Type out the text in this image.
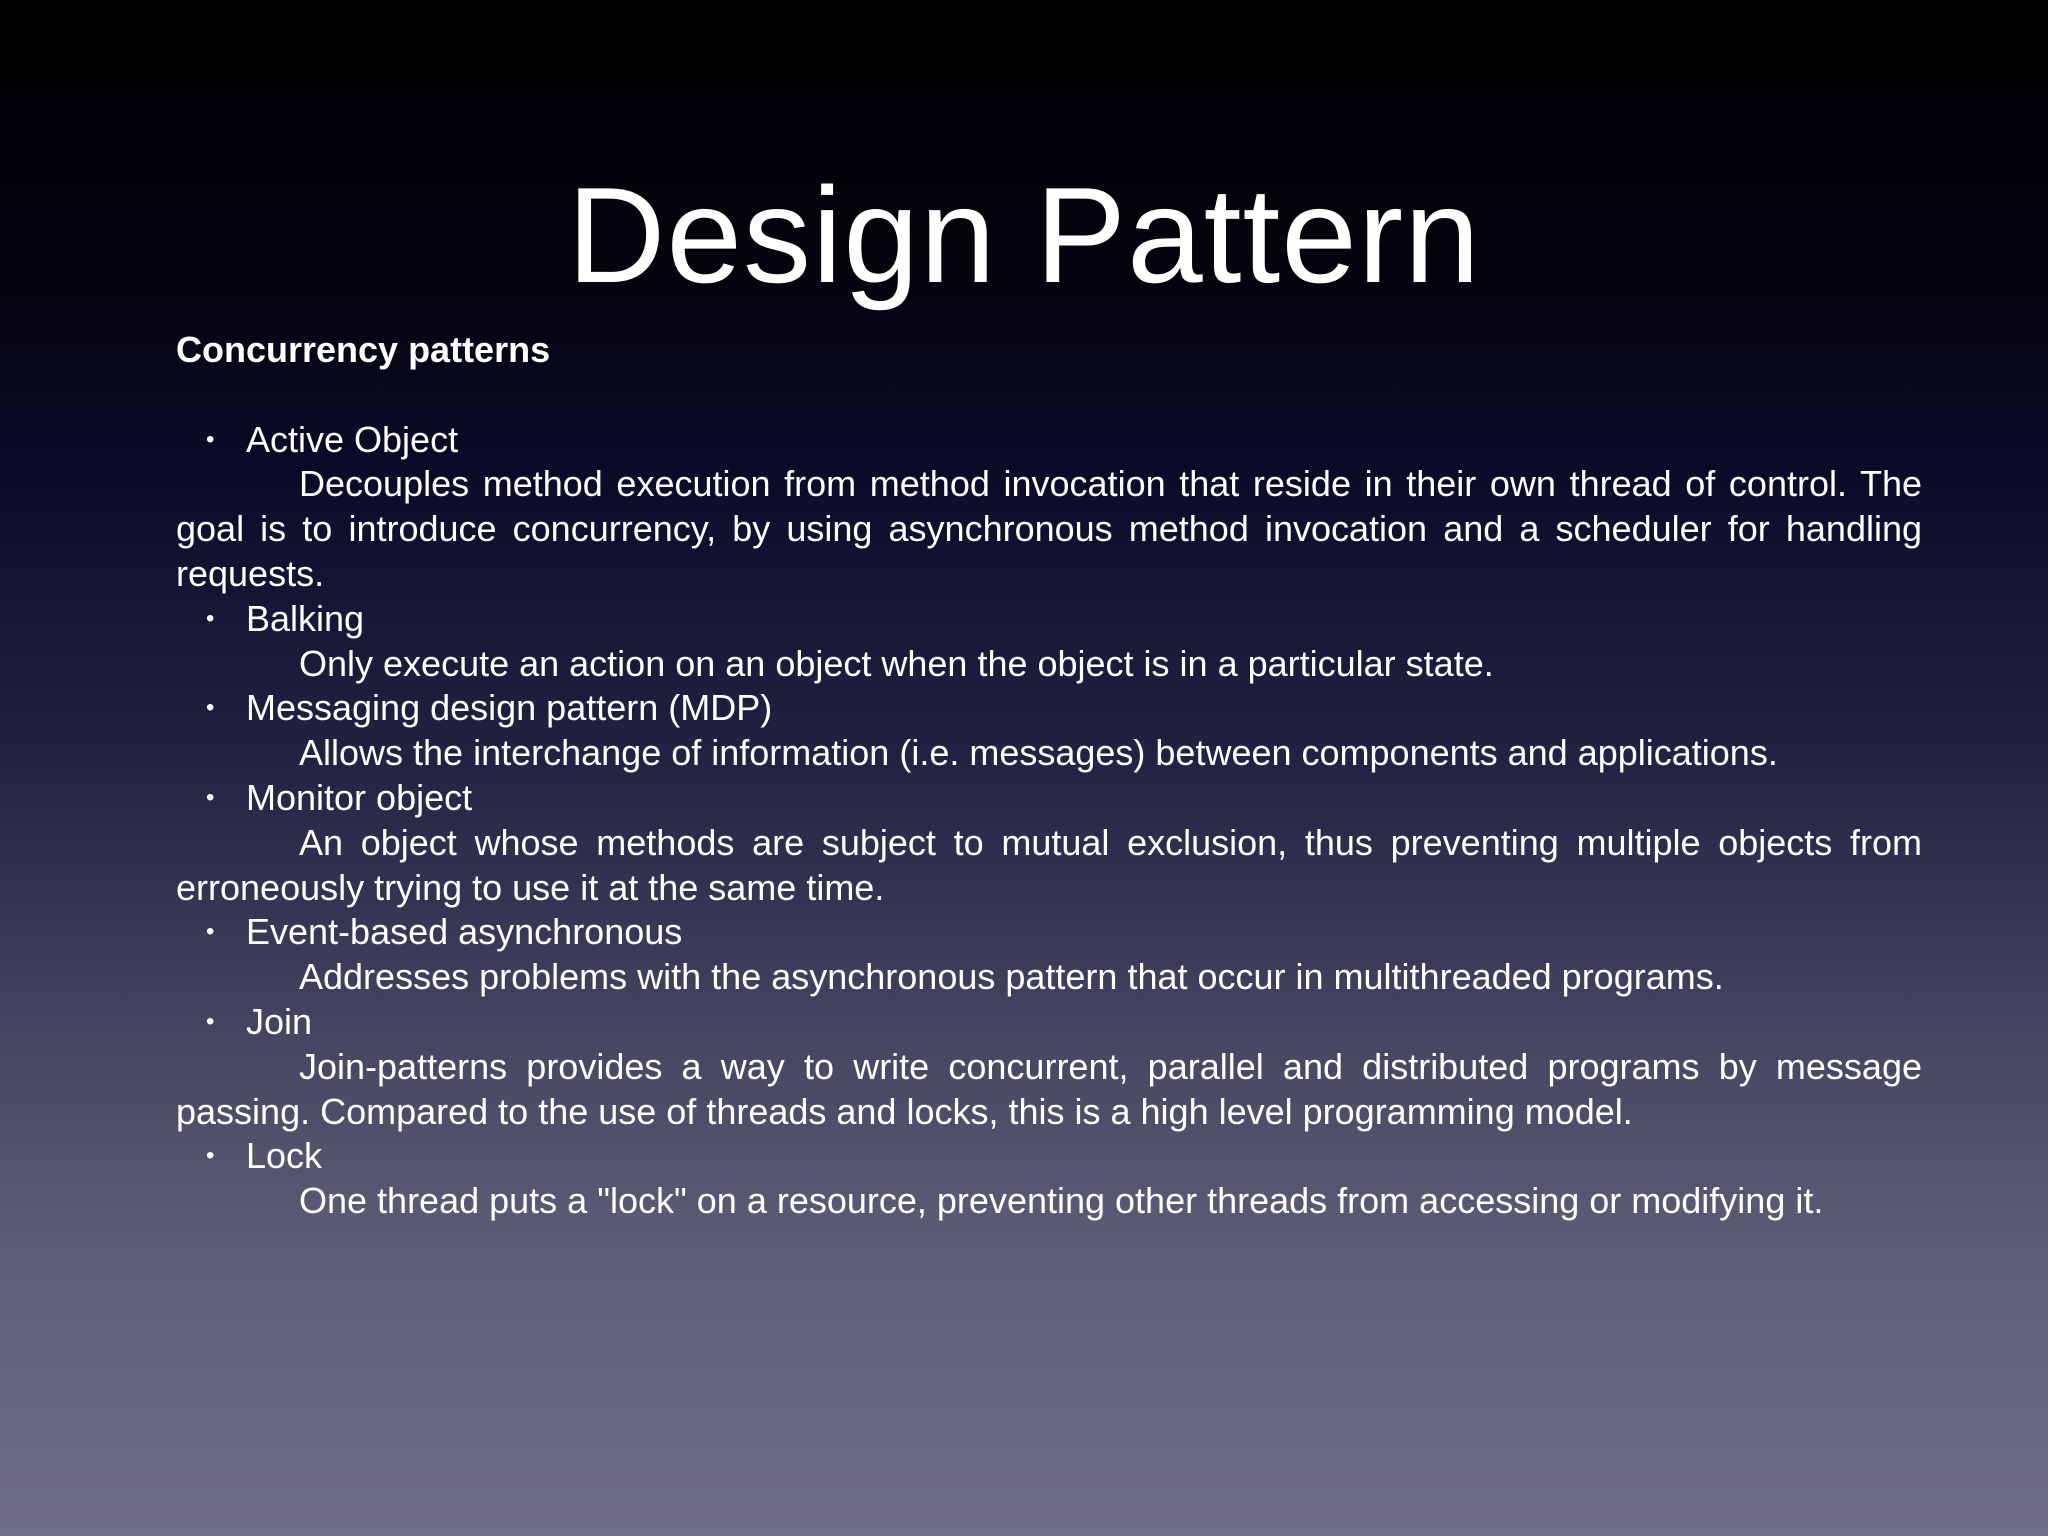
Design Pattern

Concurrency patterns

• Active Object

Decouples method execution from method invocation that reside in their own thread of control. The goal is to introduce concurrency, by using asynchronous method invocation and a scheduler for handling requests.

• Balking

Only execute an action on an object when the object is in a particular state.

• Messaging design pattern (MDP)

Allows the interchange of information (i.e. messages) between components and applications.

• Monitor object

An object whose methods are subject to mutual exclusion, thus preventing multiple objects from erroneously trying to use it at the same time.

• Event-based asynchronous

Addresses problems with the asynchronous pattern that occur in multithreaded programs.

• Join

Join-patterns provides a way to write concurrent, parallel and distributed programs by message passing. Compared to the use of threads and locks, this is a high level programming model.

• Lock

One thread puts a "lock" on a resource, preventing other threads from accessing or modifying it.
